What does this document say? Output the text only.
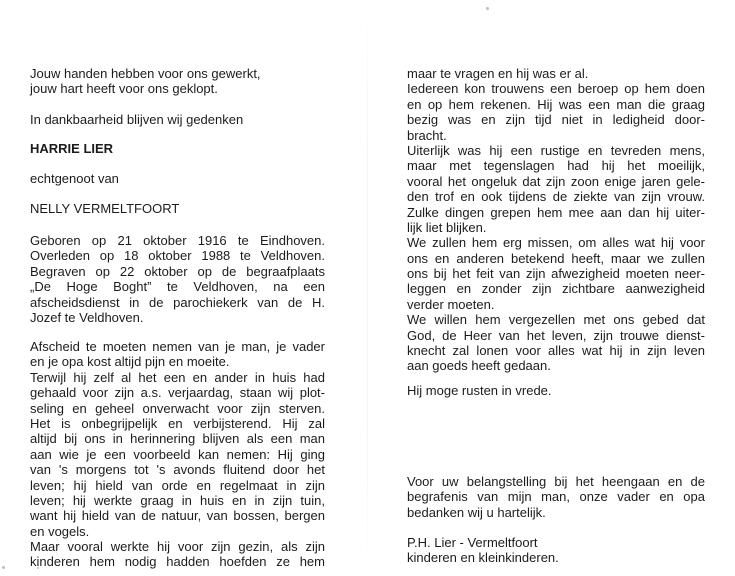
Jouw handen hebben voor ons gewerkt,
jouw hart heeft voor ons geklopt.
In dankbaarheid blijven wij gedenken
HARRIE LIER
echtgenoot van
NELLY VERMELTFOORT
Geboren op 21 oktober 1916 te Eindhoven.
Overleden op 18 oktober 1988 te Veldhoven.
Begraven op 22 oktober op de begraafplaats
„De Hoge Boght” te Veldhoven, na een
afscheidsdienst in de parochiekerk van de H.
Jozef te Veldhoven.
Afscheid te moeten nemen van je man, je vader
en je opa kost altijd pijn en moeite.
Terwijl hij zelf al het een en ander in huis had
gehaald voor zijn a.s. verjaardag, staan wij plot-
seling en geheel onverwacht voor zijn sterven.
Het is onbegrijpelijk en verbijsterend. Hij zal
altijd bij ons in herinnering blijven als een man
aan wie je een voorbeeld kan nemen: Hij ging
van 's morgens tot 's avonds fluitend door het
leven; hij hield van orde en regelmaat in zijn
leven; hij werkte graag in huis en in zijn tuin,
want hij hield van de natuur, van bossen, bergen
en vogels.
Maar vooral werkte hij voor zijn gezin, als zijn
kinderen hem nodig hadden hoefden ze hem
maar te vragen en hij was er al.
Iedereen kon trouwens een beroep op hem doen
en op hem rekenen. Hij was een man die graag
bezig was en zijn tijd niet in ledigheid door-
bracht.
Uiterlijk was hij een rustige en tevreden mens,
maar met tegenslagen had hij het moeilijk,
vooral het ongeluk dat zijn zoon enige jaren gele-
den trof en ook tijdens de ziekte van zijn vrouw.
Zulke dingen grepen hem mee aan dan hij uiter-
lijk liet blijken.
We zullen hem erg missen, om alles wat hij voor
ons en anderen betekend heeft, maar we zullen
ons bij het feit van zijn afwezigheid moeten neer-
leggen en zonder zijn zichtbare aanwezigheid
verder moeten.
We willen hem vergezellen met ons gebed dat
God, de Heer van het leven, zijn trouwe dienst-
knecht zal lonen voor alles wat hij in zijn leven
aan goeds heeft gedaan.
Hij moge rusten in vrede.
Voor uw belangstelling bij het heengaan en de
begrafenis van mijn man, onze vader en opa
bedanken wij u hartelijk.
P.H. Lier - Vermeltfoort
kinderen en kleinkinderen.
